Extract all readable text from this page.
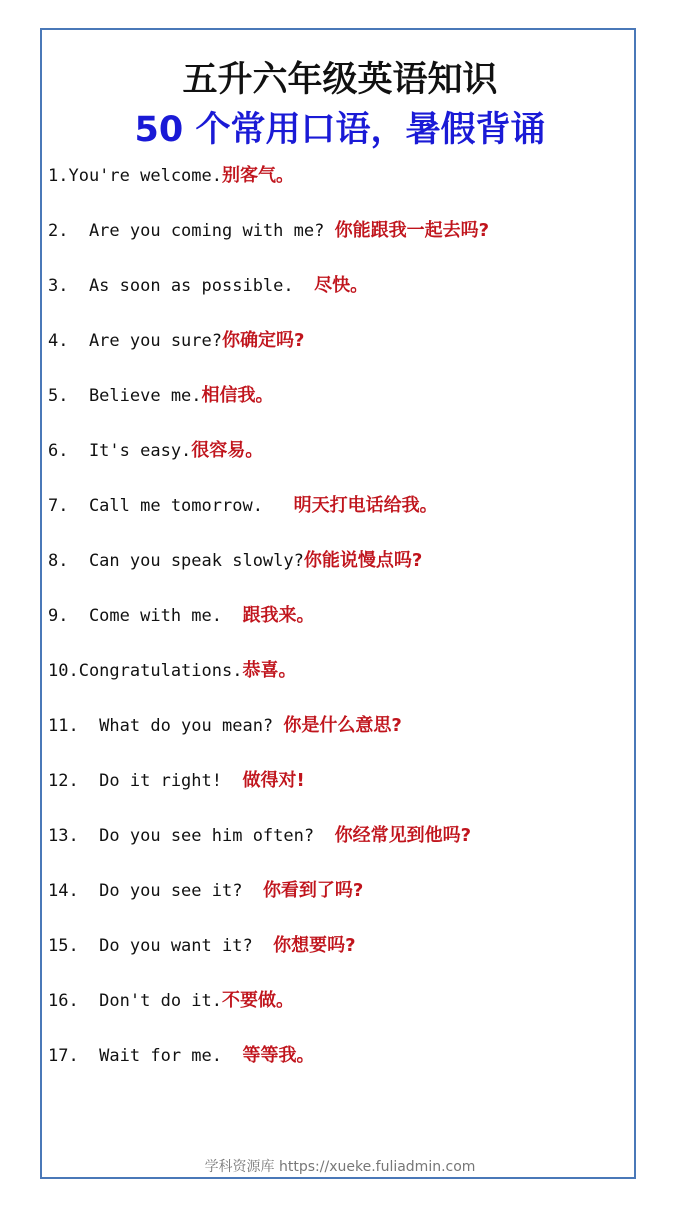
五升六年级英语知识
50 个常用口语，暑假背诵
1.You're welcome.别客气。
2.  Are you coming with me? 你能跟我一起去吗?
3.  As soon as possible.  尽快。
4.  Are you sure?你确定吗?
5.  Believe me.相信我。
6.  It's easy.很容易。
7.  Call me tomorrow.   明天打电话给我。
8.  Can you speak slowly?你能说慢点吗?
9.  Come with me.  跟我来。
10.Congratulations.恭喜。
11.  What do you mean? 你是什么意思?
12.  Do it right!  做得对!
13.  Do you see him often?  你经常见到他吗?
14.  Do you see it?  你看到了吗?
15.  Do you want it?  你想要吗?
16.  Don't do it.不要做。
17.  Wait for me.  等等我。
学科资源库 https://xueke.fuliadmin.com
